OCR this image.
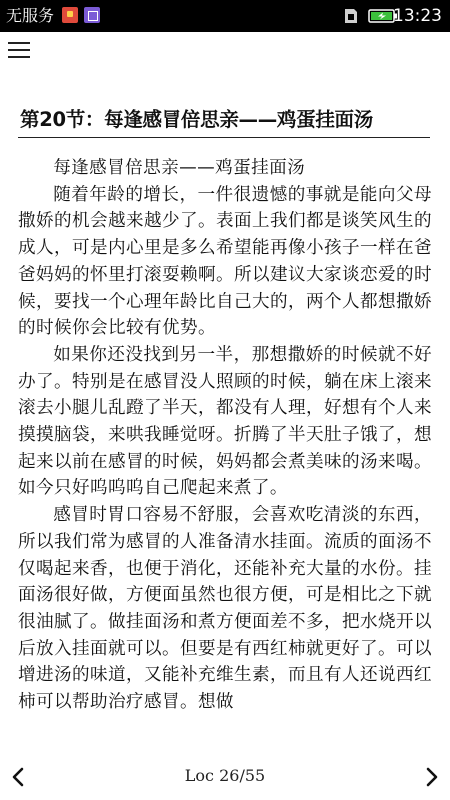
无服务	13:23
第20节：每逢感冒倍思亲——鸡蛋挂面汤

每逢感冒倍思亲——鸡蛋挂面汤

随着年龄的增长，一件很遗憾的事就是能向父母撒娇的机会越来越少了。表面上我们都是谈笑风生的成人，可是内心里是多么希望能再像小孩子一样在爸爸妈妈的怀里打滚耍赖啊。所以建议大家谈恋爱的时候，要找一个心理年龄比自己大的，两个人都想撒娇的时候你会比较有优势。

如果你还没找到另一半，那想撒娇的时候就不好办了。特别是在感冒没人照顾的时候，躺在床上滚来滚去小腿儿乱蹬了半天，都没有人理，好想有个人来摸摸脑袋，来哄我睡觉呀。折腾了半天肚子饿了，想起来以前在感冒的时候，妈妈都会煮美味的汤来喝。如今只好呜呜呜自己爬起来煮了。

感冒时胃口容易不舒服，会喜欢吃清淡的东西，所以我们常为感冒的人准备清水挂面。流质的面汤不仅喝起来香，也便于消化，还能补充大量的水份。挂面汤很好做，方便面虽然也很方便，可是相比之下就很油腻了。做挂面汤和煮方便面差不多，把水烧开以后放入挂面就可以。但要是有西红柿就更好了。可以增进汤的味道，又能补充维生素，而且有人还说西红柿可以帮助治疗感冒。想做

Loc 26/55
